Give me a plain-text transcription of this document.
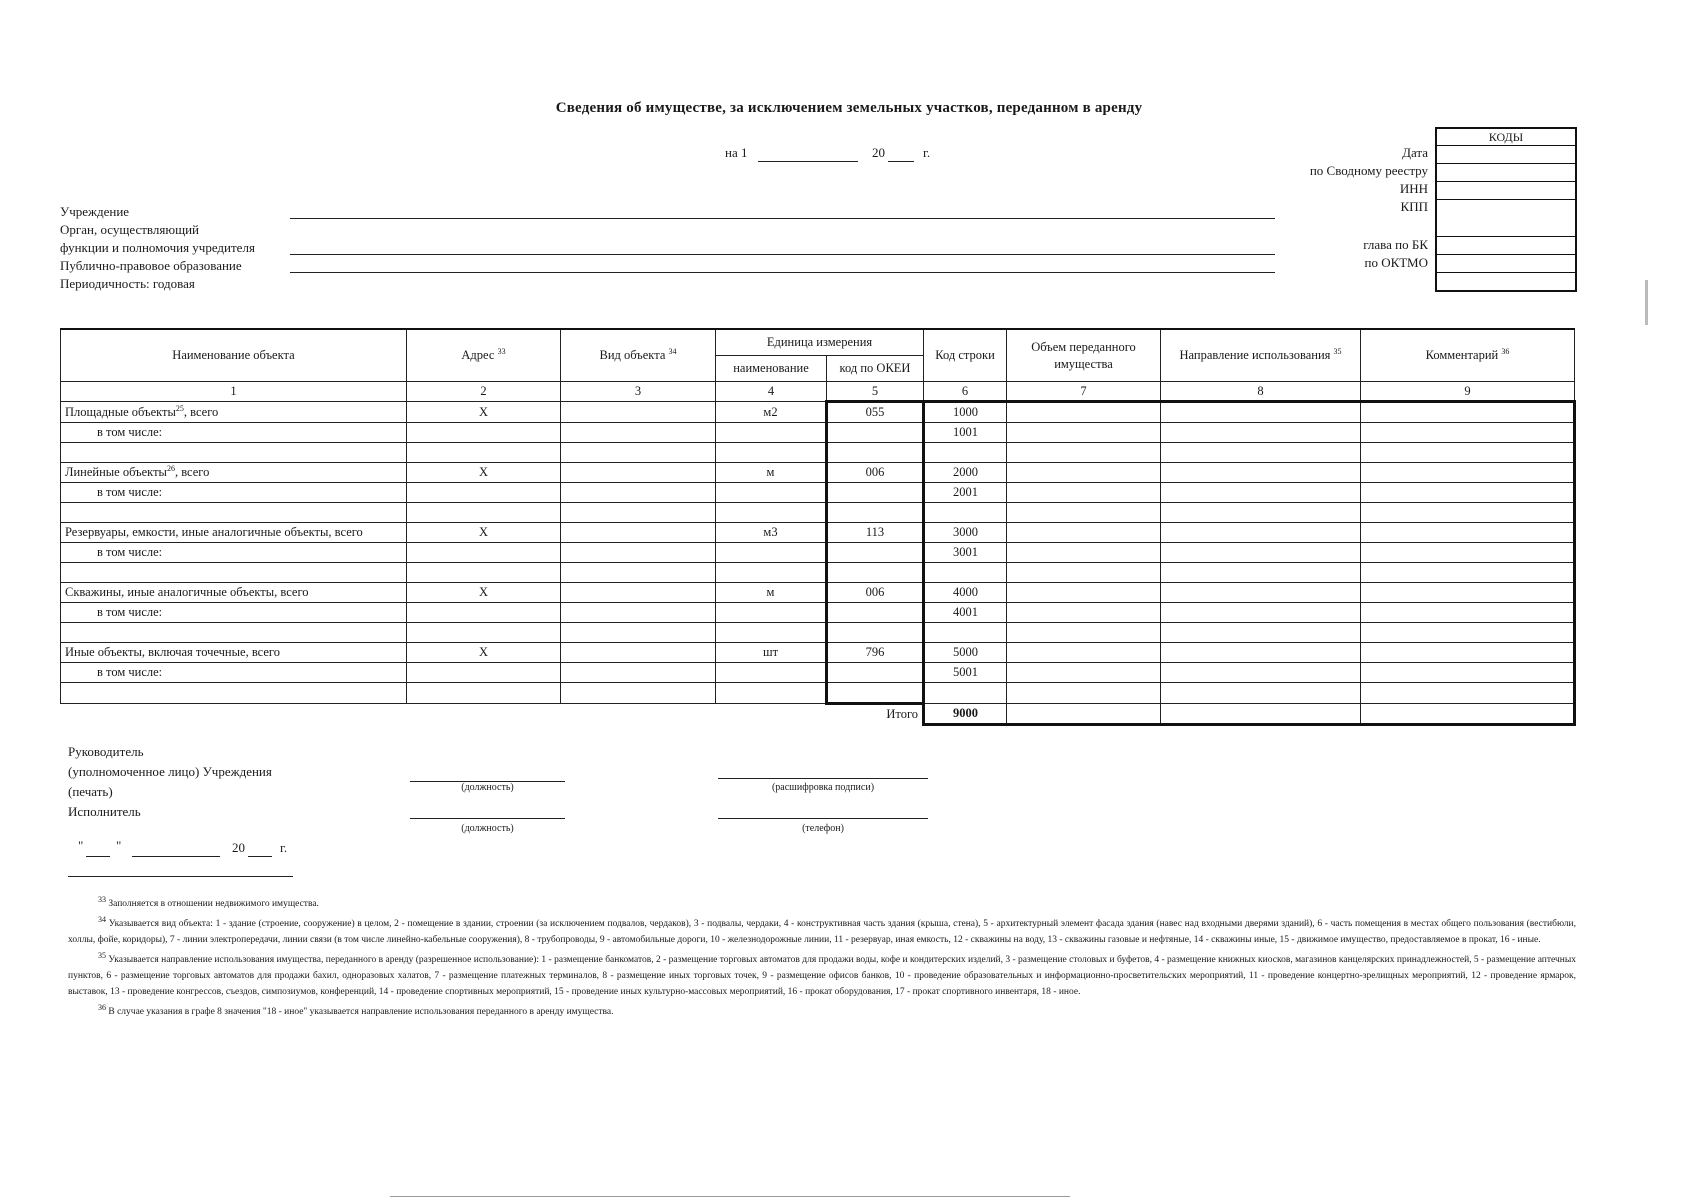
Сведения об имуществе, за исключением земельных участков, переданном в аренду
на 1	20	г.
Учреждение
Орган, осуществляющий
функции и полномочия учредителя
Публично-правовое образование
Периодичность: годовая
Дата
по Сводному реестру
ИНН
КПП
глава по БК
по ОКТМО
КОДЫ
Наименование объекта	Адрес $^{33}$	Вид объекта $^{34}$	Единица измерения		Код строки	Объем переданного имущества	Направление использования $^{35}$	Комментарий $^{36}$
			наименование	код по ОКЕИ				
1	2	3	4	5	6	7	8	9
Площадные объекты$^{25}$, всего	Х		м2	055	1000			
в том числе:					1001			

Линейные объекты$^{26}$, всего	Х		м	006	2000			
в том числе:					2001			

Резервуары, емкости, иные аналогичные объекты, всего	Х		м3	113	3000			
в том числе:					3001			

Скважины, иные аналогичные объекты, всего	Х		м	006	4000			
в том числе:					4001			

Иные объекты, включая точечные, всего	Х		шт	796	5000			
в том числе:					5001			

				Итого	9000			
Руководитель
(уполномоченное лицо) Учреждения
(печать)
Исполнитель
(должность)	(расшифровка подписи)
(должность)	(телефон)
"	"	20	г.

$^{33}$ Заполняется в отношении недвижимого имущества.

$^{34}$ Указывается вид объекта: 1 - здание (строение, сооружение) в целом, 2 - помещение в здании, строении (за исключением подвалов, чердаков), 3 - подвалы, чердаки, 4 - конструктивная часть здания (крыша, стена), 5 - архитектурный элемент фасада здания (навес над входными дверями зданий), 6 - часть помещения в местах общего пользования (вестибюли, холлы, фойе, коридоры), 7 - линии электропередачи, линии связи (в том числе линейно-кабельные сооружения), 8 - трубопроводы, 9 - автомобильные дороги, 10 - железнодорожные линии, 11 - резервуар, иная емкость, 12 - скважины на воду, 13 - скважины газовые и нефтяные, 14 - скважины иные, 15 - движимое имущество, предоставляемое в прокат, 16 - иные.

$^{35}$ Указывается направление использования имущества, переданного в аренду (разрешенное использование): 1 - размещение банкоматов, 2 - размещение торговых автоматов для продажи воды, кофе и кондитерских изделий, 3 - размещение столовых и буфетов, 4 - размещение книжных киосков, магазинов канцелярских принадлежностей, 5 - размещение аптечных пунктов, 6 - размещение торговых автоматов для продажи бахил, одноразовых халатов, 7 - размещение платежных терминалов, 8 - размещение иных торговых точек, 9 - размещение офисов банков, 10 - проведение образовательных и информационно-просветительских мероприятий, 11 - проведение концертно-зрелищных мероприятий, 12 - проведение ярмарок, выставок, 13 - проведение конгрессов, съездов, симпозиумов, конференций, 14 - проведение спортивных мероприятий, 15 - проведение иных культурно-массовых мероприятий, 16 - прокат оборудования, 17 - прокат спортивного инвентаря, 18 - иное.

$^{36}$ В случае указания в графе 8 значения "18 - иное" указывается направление использования переданного в аренду имущества.
